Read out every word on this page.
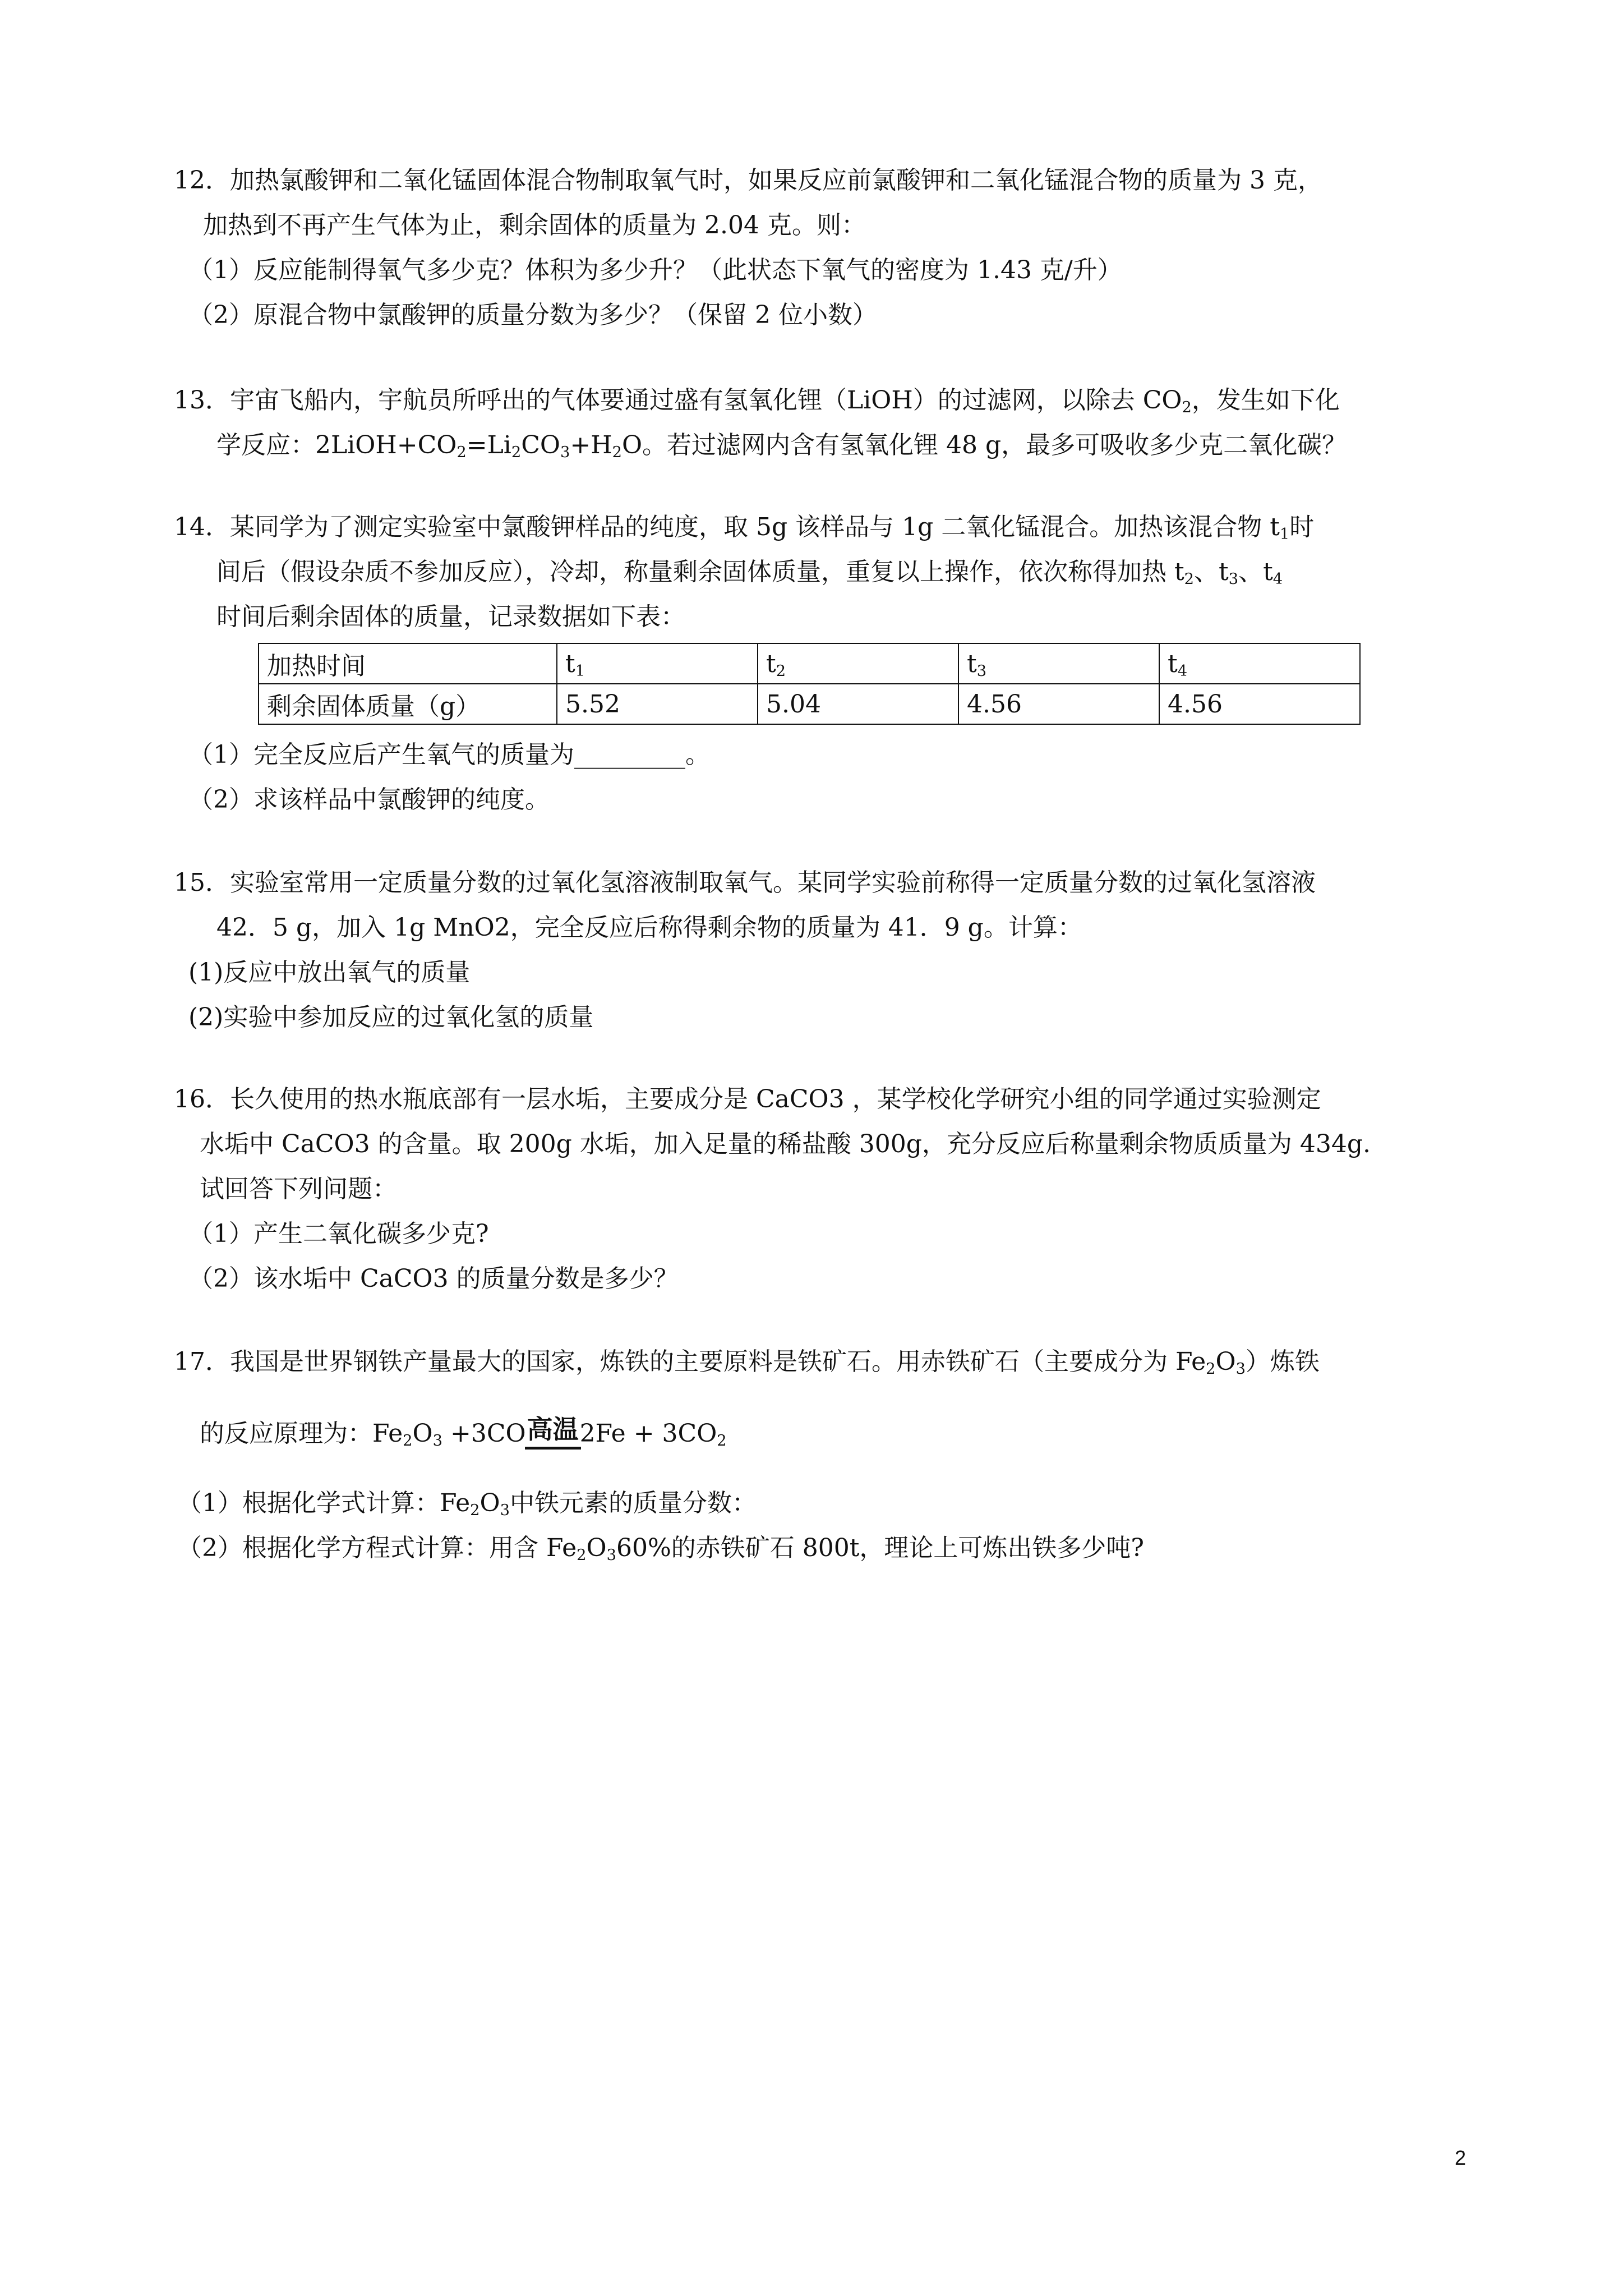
12．加热氯酸钾和二氧化锰固体混合物制取氧气时，如果反应前氯酸钾和二氧化锰混合物的质量为 3 克，
加热到不再产生气体为止，剩余固体的质量为 2.04 克。则：
（1）反应能制得氧气多少克？体积为多少升？（此状态下氧气的密度为 1.43 克/升）
（2）原混合物中氯酸钾的质量分数为多少？（保留 2 位小数）
13．宇宙飞船内，宇航员所呼出的气体要通过盛有氢氧化锂（LiOH）的过滤网，以除去 $CO_2$，发生如下化
学反应：$2LiOH+CO_2=Li_2CO_3+H_2O$。若过滤网内含有氢氧化锂 48 g，最多可吸收多少克二氧化碳？
14．某同学为了测定实验室中氯酸钾样品的纯度，取 5g 该样品与 1g 二氧化锰混合。加热该混合物 $t_1$时
间后（假设杂质不参加反应），冷却，称量剩余固体质量，重复以上操作，依次称得加热 $t_2$、$t_3$、$t_4$
时间后剩余固体的质量，记录数据如下表：
加热时间	$t_1$	$t_2$	$t_3$	$t_4$
剩余固体质量（g）	5.52	5.04	4.56	4.56
（1）完全反应后产生氧气的质量为_________。
（2）求该样品中氯酸钾的纯度。
15．实验室常用一定质量分数的过氧化氢溶液制取氧气。某同学实验前称得一定质量分数的过氧化氢溶液
42．5 g，加入 1g MnO2，完全反应后称得剩余物的质量为 41．9 g。计算：
(1)反应中放出氧气的质量
(2)实验中参加反应的过氧化氢的质量
16．长久使用的热水瓶底部有一层水垢，主要成分是 CaCO3 ，某学校化学研究小组的同学通过实验测定
水垢中 CaCO3 的含量。取 200g 水垢，加入足量的稀盐酸 300g，充分反应后称量剩余物质质量为 434g.
试回答下列问题：
（1）产生二氧化碳多少克?
（2）该水垢中 CaCO3 的质量分数是多少？
17．我国是世界钢铁产量最大的国家，炼铁的主要原料是铁矿石。用赤铁矿石（主要成分为 $Fe_2O_3$）炼铁
的反应原理为：$Fe_2O_3 +3CO$高温$2Fe + 3CO_2$
（1）根据化学式计算：$Fe_2O_3$中铁元素的质量分数：
（2）根据化学方程式计算：用含 $Fe_2O_360\%$的赤铁矿石 800t，理论上可炼出铁多少吨?
2
